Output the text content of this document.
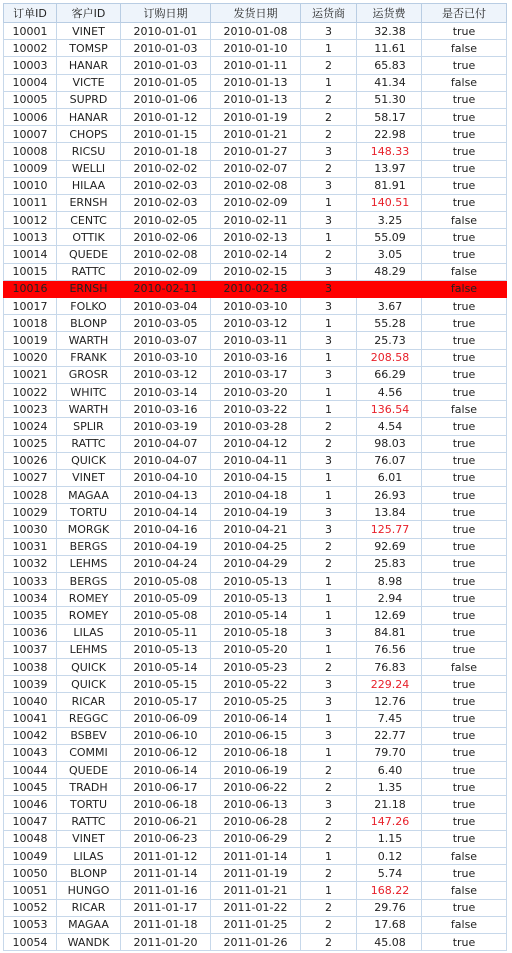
订单ID	客户ID	订购日期	发货日期	运货商	运货费	是否已付
10001	VINET	2010-01-01	2010-01-08	3	32.38	true
10002	TOMSP	2010-01-03	2010-01-10	1	11.61	false
10003	HANAR	2010-01-03	2010-01-11	2	65.83	true
10004	VICTE	2010-01-05	2010-01-13	1	41.34	false
10005	SUPRD	2010-01-06	2010-01-13	2	51.30	true
10006	HANAR	2010-01-12	2010-01-19	2	58.17	true
10007	CHOPS	2010-01-15	2010-01-21	2	22.98	true
10008	RICSU	2010-01-18	2010-01-27	3	148.33	true
10009	WELLI	2010-02-02	2010-02-07	2	13.97	true
10010	HILAA	2010-02-03	2010-02-08	3	81.91	true
10011	ERNSH	2010-02-03	2010-02-09	1	140.51	true
10012	CENTC	2010-02-05	2010-02-11	3	3.25	false
10013	OTTIK	2010-02-06	2010-02-13	1	55.09	true
10014	QUEDE	2010-02-08	2010-02-14	2	3.05	true
10015	RATTC	2010-02-09	2010-02-15	3	48.29	false
10016	ERNSH	2010-02-11	2010-02-18	3		false
10017	FOLKO	2010-03-04	2010-03-10	3	3.67	true
10018	BLONP	2010-03-05	2010-03-12	1	55.28	true
10019	WARTH	2010-03-07	2010-03-11	3	25.73	true
10020	FRANK	2010-03-10	2010-03-16	1	208.58	true
10021	GROSR	2010-03-12	2010-03-17	3	66.29	true
10022	WHITC	2010-03-14	2010-03-20	1	4.56	true
10023	WARTH	2010-03-16	2010-03-22	1	136.54	false
10024	SPLIR	2010-03-19	2010-03-28	2	4.54	true
10025	RATTC	2010-04-07	2010-04-12	2	98.03	true
10026	QUICK	2010-04-07	2010-04-11	3	76.07	true
10027	VINET	2010-04-10	2010-04-15	1	6.01	true
10028	MAGAA	2010-04-13	2010-04-18	1	26.93	true
10029	TORTU	2010-04-14	2010-04-19	3	13.84	true
10030	MORGK	2010-04-16	2010-04-21	3	125.77	true
10031	BERGS	2010-04-19	2010-04-25	2	92.69	true
10032	LEHMS	2010-04-24	2010-04-29	2	25.83	true
10033	BERGS	2010-05-08	2010-05-13	1	8.98	true
10034	ROMEY	2010-05-09	2010-05-13	1	2.94	true
10035	ROMEY	2010-05-08	2010-05-14	1	12.69	true
10036	LILAS	2010-05-11	2010-05-18	3	84.81	true
10037	LEHMS	2010-05-13	2010-05-20	1	76.56	true
10038	QUICK	2010-05-14	2010-05-23	2	76.83	false
10039	QUICK	2010-05-15	2010-05-22	3	229.24	true
10040	RICAR	2010-05-17	2010-05-25	3	12.76	true
10041	REGGC	2010-06-09	2010-06-14	1	7.45	true
10042	BSBEV	2010-06-10	2010-06-15	3	22.77	true
10043	COMMI	2010-06-12	2010-06-18	1	79.70	true
10044	QUEDE	2010-06-14	2010-06-19	2	6.40	true
10045	TRADH	2010-06-17	2010-06-22	2	1.35	true
10046	TORTU	2010-06-18	2010-06-13	3	21.18	true
10047	RATTC	2010-06-21	2010-06-28	2	147.26	true
10048	VINET	2010-06-23	2010-06-29	2	1.15	true
10049	LILAS	2011-01-12	2011-01-14	1	0.12	false
10050	BLONP	2011-01-14	2011-01-19	2	5.74	true
10051	HUNGO	2011-01-16	2011-01-21	1	168.22	false
10052	RICAR	2011-01-17	2011-01-22	2	29.76	true
10053	MAGAA	2011-01-18	2011-01-25	2	17.68	false
10054	WANDK	2011-01-20	2011-01-26	2	45.08	true
